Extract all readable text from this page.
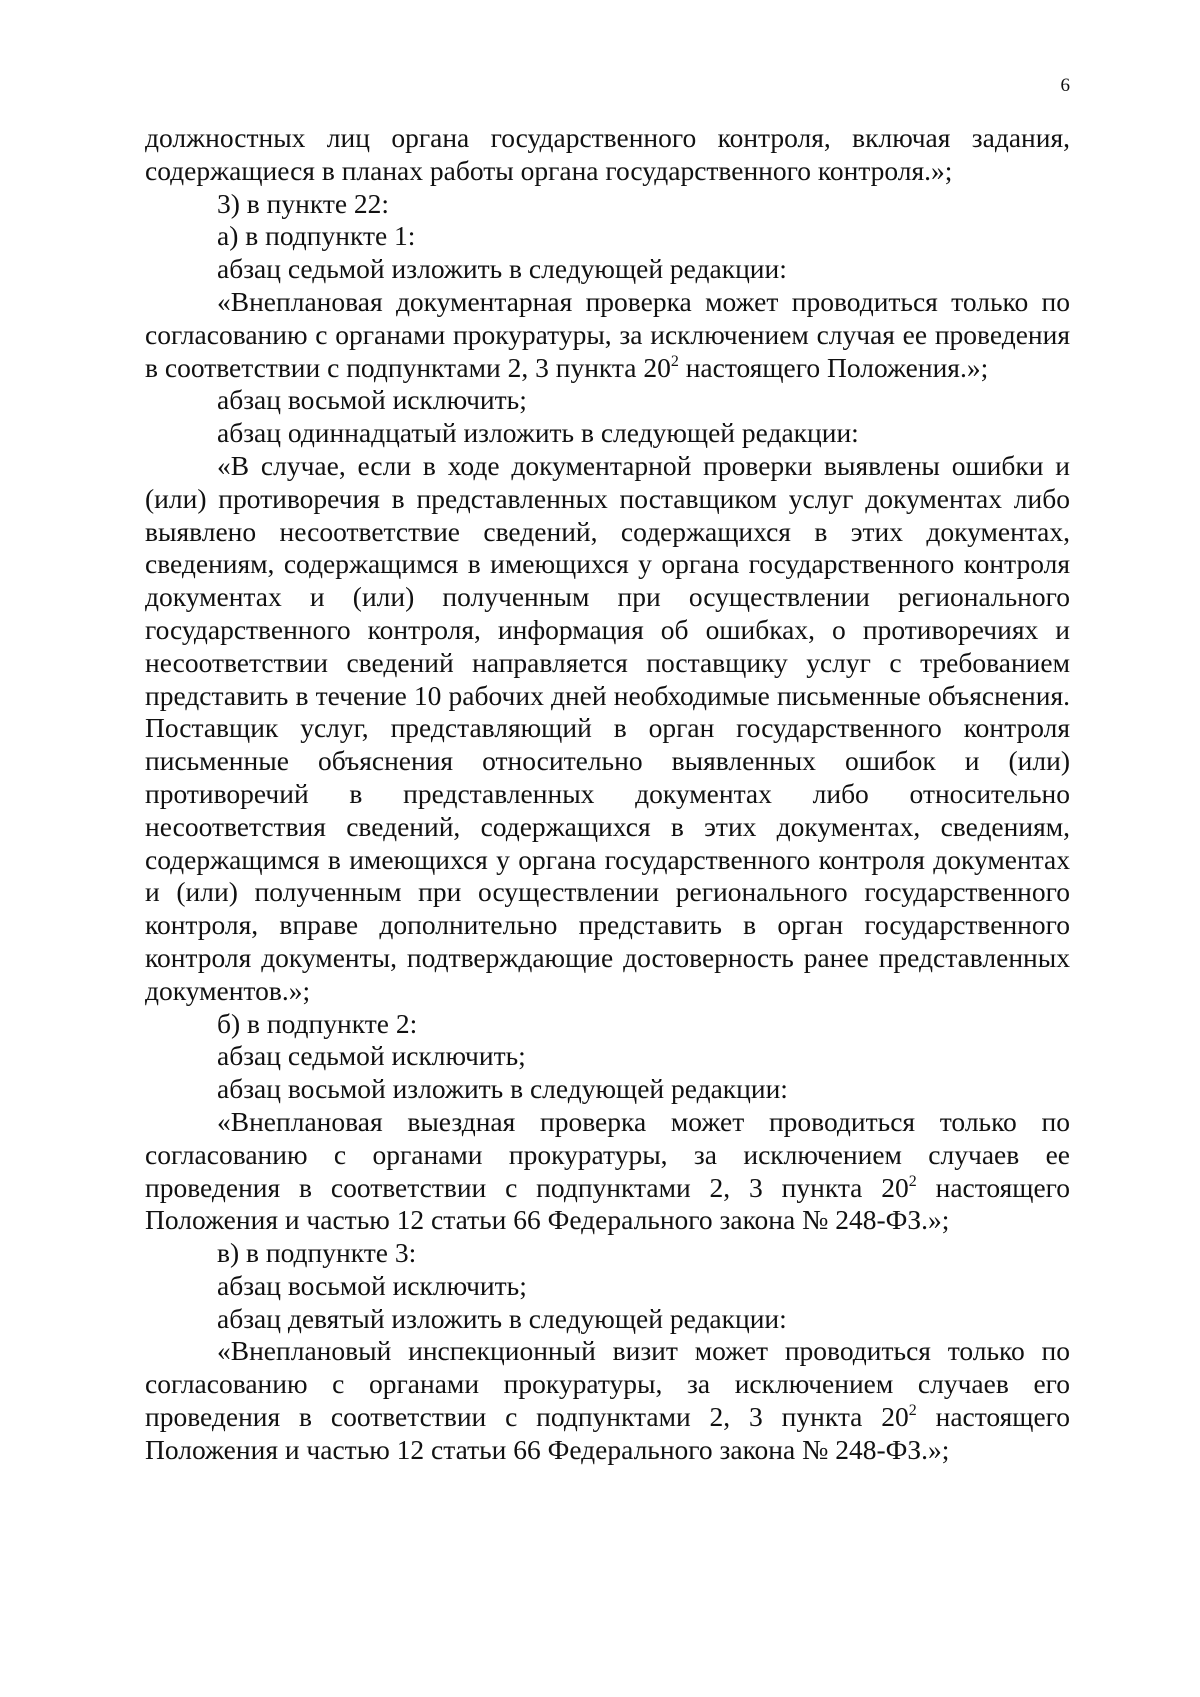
6

должностных лиц органа государственного контроля, включая задания, содержащиеся в планах работы органа государственного контроля.»;

3) в пункте 22:

а) в подпункте 1:

абзац седьмой изложить в следующей редакции:

«Внеплановая документарная проверка может проводиться только по согласованию с органами прокуратуры, за исключением случая ее проведения в соответствии с подпунктами 2, 3 пункта $20^2$ настоящего Положения.»;

абзац восьмой исключить;

абзац одиннадцатый изложить в следующей редакции:

«В случае, если в ходе документарной проверки выявлены ошибки и (или) противоречия в представленных поставщиком услуг документах либо выявлено несоответствие сведений, содержащихся в этих документах, сведениям, содержащимся в имеющихся у органа государственного контроля документах и (или) полученным при осуществлении регионального государственного контроля, информация об ошибках, о противоречиях и несоответствии сведений направляется поставщику услуг с требованием представить в течение 10 рабочих дней необходимые письменные объяснения. Поставщик услуг, представляющий в орган государственного контроля письменные объяснения относительно выявленных ошибок и (или) противоречий в представленных документах либо относительно несоответствия сведений, содержащихся в этих документах, сведениям, содержащимся в имеющихся у органа государственного контроля документах и (или) полученным при осуществлении регионального государственного контроля, вправе дополнительно представить в орган государственного контроля документы, подтверждающие достоверность ранее представленных документов.»;

б) в подпункте 2:

абзац седьмой исключить;

абзац восьмой изложить в следующей редакции:

«Внеплановая выездная проверка может проводиться только по согласованию с органами прокуратуры, за исключением случаев ее проведения в соответствии с подпунктами 2, 3 пункта $20^2$ настоящего Положения и частью 12 статьи 66 Федерального закона № 248-ФЗ.»;

в) в подпункте 3:

абзац восьмой исключить;

абзац девятый изложить в следующей редакции:

«Внеплановый инспекционный визит может проводиться только по согласованию с органами прокуратуры, за исключением случаев его проведения в соответствии с подпунктами 2, 3 пункта $20^2$ настоящего Положения и частью 12 статьи 66 Федерального закона № 248-ФЗ.»;
